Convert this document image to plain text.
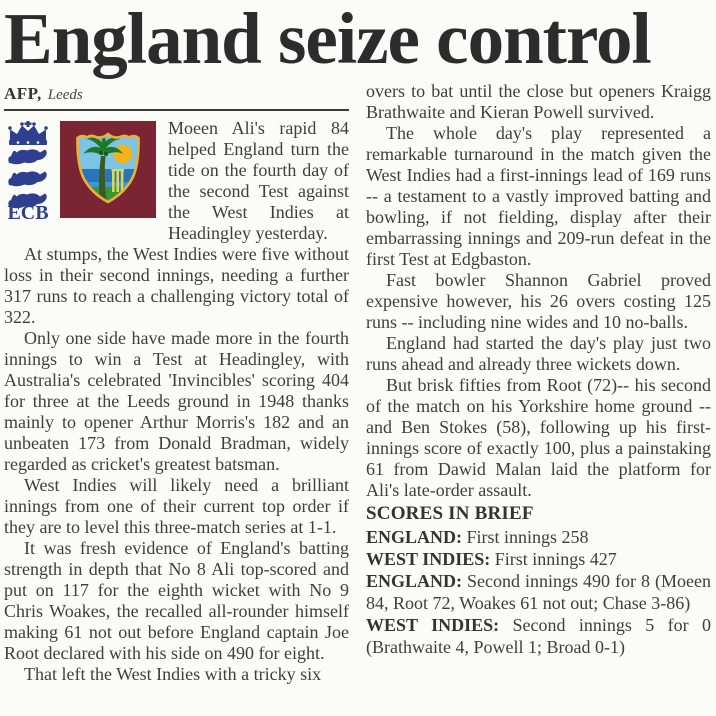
England seize control
AFP, Leeds
ECB

Moeen Ali's rapid 84 helped England turn the tide on the fourth day of the second Test against the West Indies at Headingley yesterday.

At stumps, the West Indies were five without loss in their second innings, needing a further 317 runs to reach a challenging victory total of 322.

Only one side have made more in the fourth innings to win a Test at Headingley, with Australia's celebrated 'Invincibles' scoring 404 for three at the Leeds ground in 1948 thanks mainly to opener Arthur Morris's 182 and an unbeaten 173 from Donald Bradman, widely regarded as cricket's greatest batsman.

West Indies will likely need a brilliant innings from one of their current top order if they are to level this three-match series at 1-1.

It was fresh evidence of England's batting strength in depth that No 8 Ali top-scored and put on 117 for the eighth wicket with No 9 Chris Woakes, the recalled all-rounder himself making 61 not out before England captain Joe Root declared with his side on 490 for eight.

That left the West Indies with a tricky six

overs to bat until the close but openers Kraigg Brathwaite and Kieran Powell survived.

The whole day's play represented a remarkable turnaround in the match given the West Indies had a first-innings lead of 169 runs -- a testament to a vastly improved batting and bowling, if not fielding, display after their embarrassing innings and 209-run defeat in the first Test at Edgbaston.

Fast bowler Shannon Gabriel proved expensive however, his 26 overs costing 125 runs -- including nine wides and 10 no-balls.

England had started the day's play just two runs ahead and already three wickets down.

But brisk fifties from Root (72)-- his second of the match on his Yorkshire home ground -- and Ben Stokes (58), following up his first-innings score of exactly 100, plus a painstaking 61 from Dawid Malan laid the platform for Ali's late-order assault.

SCORES IN BRIEF

ENGLAND: First innings 258

WEST INDIES: First innings 427

ENGLAND: Second innings 490 for 8 (Moeen 84, Root 72, Woakes 61 not out; Chase 3-86)

WEST INDIES: Second innings 5 for 0 (Brathwaite 4, Powell 1; Broad 0-1)
